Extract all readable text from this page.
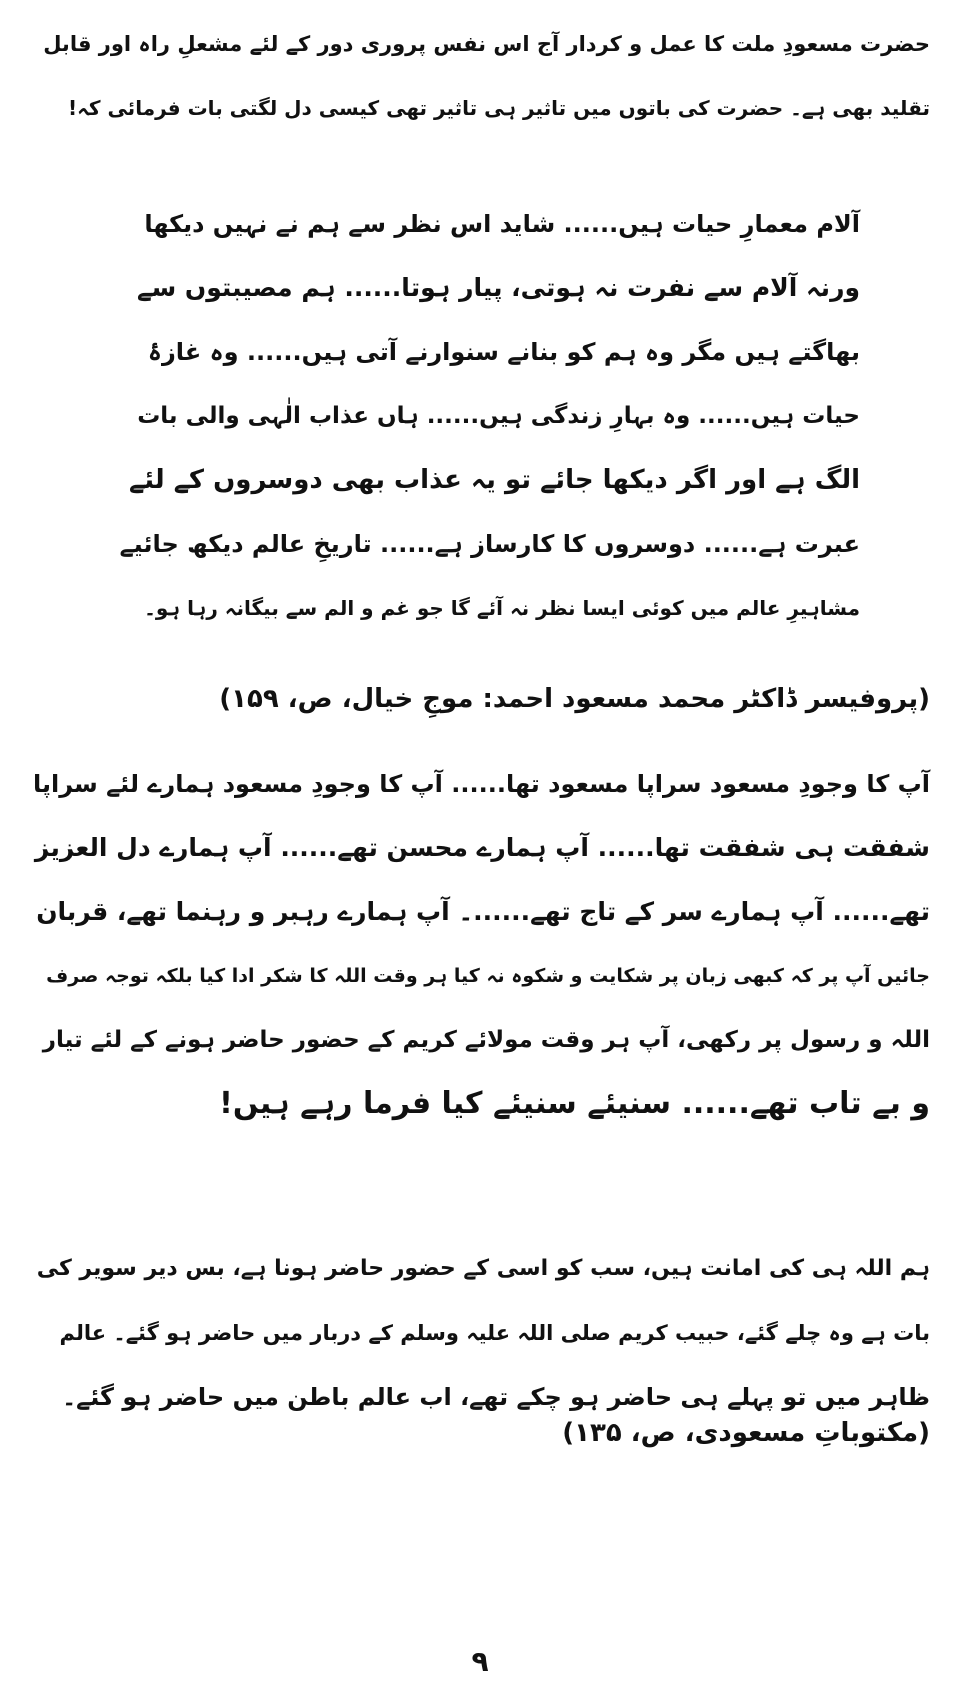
حضرت مسعودِ ملت کا عمل و کردار آج اس نفس پروری دور کے لئے مشعلِ راہ اور قابل
تقلید بھی ہے۔ حضرت کی باتوں میں تاثیر ہی تاثیر تھی کیسی دل لگتی بات فرمائی کہ!
آلام معمارِ حیات ہیں...... شاید اس نظر سے ہم نے نہیں دیکھا
ورنہ آلام سے نفرت نہ ہوتی، پیار ہوتا...... ہم مصیبتوں سے
بھاگتے ہیں مگر وہ ہم کو بنانے سنوارنے آتی ہیں...... وہ غازۂ
حیات ہیں...... وہ بہارِ زندگی ہیں...... ہاں عذاب الٰہی والی بات
الگ ہے اور اگر دیکھا جائے تو یہ عذاب بھی دوسروں کے لئے
عبرت ہے...... دوسروں کا کارساز ہے...... تاریخِ عالم دیکھ جائیے
مشاہیرِ عالم میں کوئی ایسا نظر نہ آئے گا جو غم و الم سے بیگانہ رہا ہو۔
(پروفیسر ڈاکٹر محمد مسعود احمد: موجِ خیال، ص، ۱۵۹)
آپ کا وجودِ مسعود سراپا مسعود تھا...... آپ کا وجودِ مسعود ہمارے لئے سراپا
شفقت ہی شفقت تھا...... آپ ہمارے محسن تھے...... آپ ہمارے دل العزیز
تھے...... آپ ہمارے سر کے تاج تھے......۔ آپ ہمارے رہبر و رہنما تھے، قربان
جائیں آپ پر کہ کبھی زبان پر شکایت و شکوہ نہ کیا ہر وقت اللہ کا شکر ادا کیا بلکہ توجہ صرف
اللہ و رسول پر رکھی، آپ ہر وقت مولائے کریم کے حضور حاضر ہونے کے لئے تیار
و بے تاب تھے...... سنیئے سنیئے کیا فرما رہے ہیں!
ہم اللہ ہی کی امانت ہیں، سب کو اسی کے حضور حاضر ہونا ہے، بس دیر سویر کی
بات ہے وہ چلے گئے، حبیب کریم صلی اللہ علیہ وسلم کے دربار میں حاضر ہو گئے۔ عالم
ظاہر میں تو پہلے ہی حاضر ہو چکے تھے، اب عالم باطن میں حاضر ہو گئے۔
(مکتوباتِ مسعودی، ص، ۱۳۵)
۹
